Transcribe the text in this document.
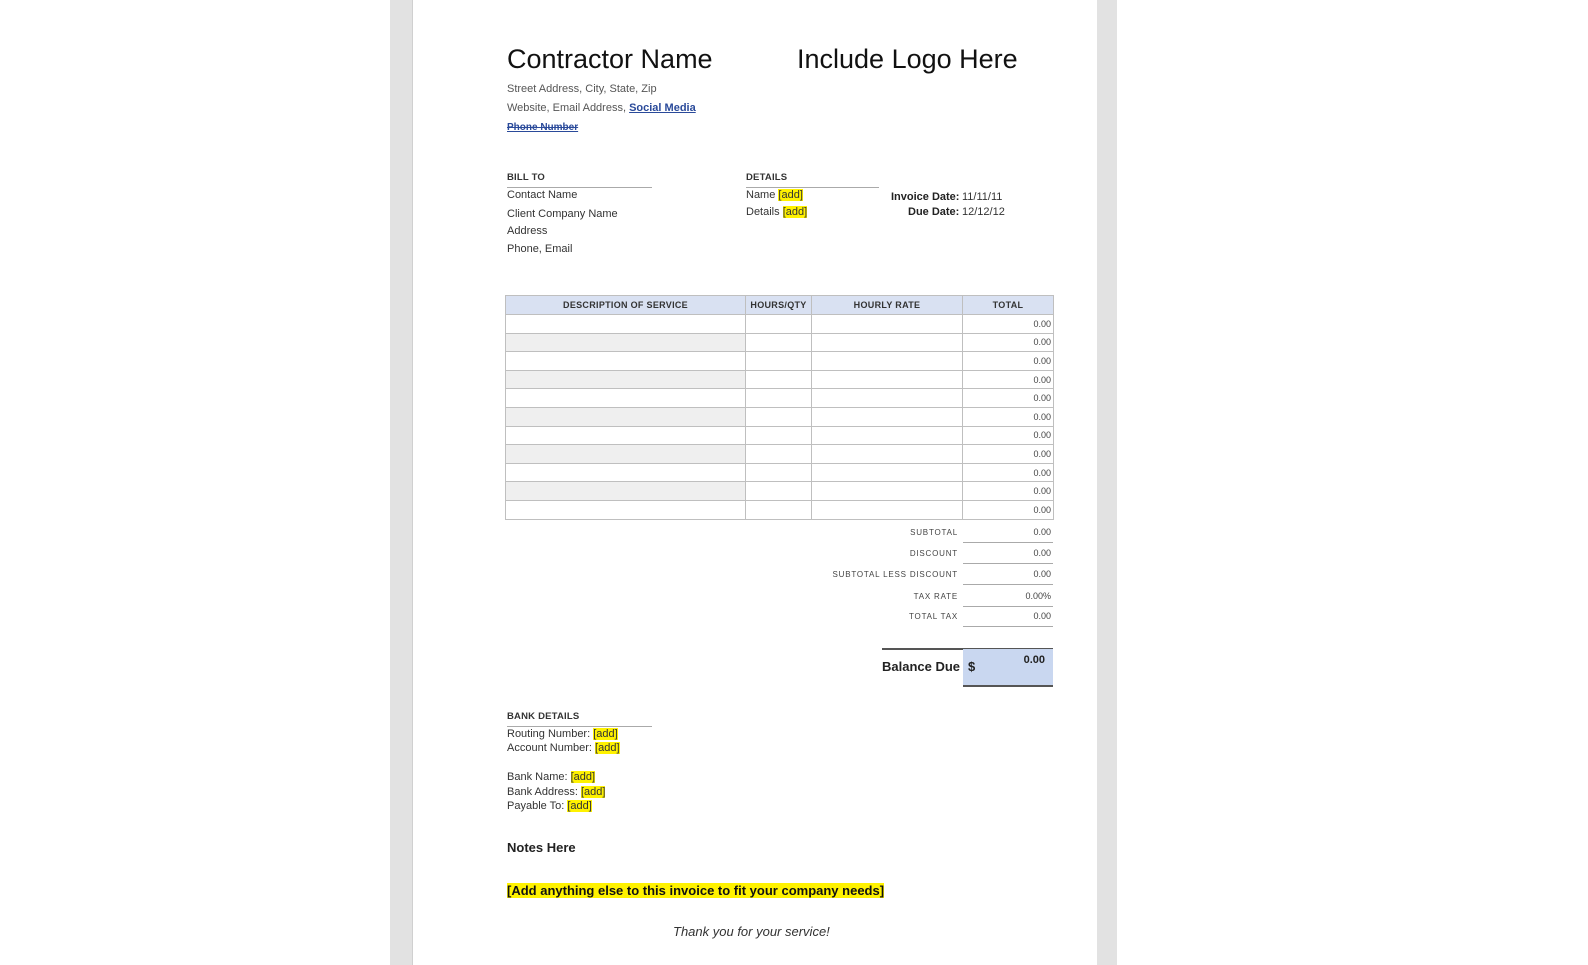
Contractor Name	Include Logo Here
Street Address, City, State, Zip
Website, Email Address, Social Media
Phone Number
BILL TO
Contact Name
Client Company Name
Address
Phone, Email
DETAILS
Name [add]
Details [add]
Invoice Date: 11/11/11
Due Date: 12/12/12
DESCRIPTION OF SERVICE	HOURS/QTY	HOURLY RATE	TOTAL
			0.00
			0.00
			0.00
			0.00
			0.00
			0.00
			0.00
			0.00
			0.00
			0.00
			0.00
SUBTOTAL	0.00
DISCOUNT	0.00
SUBTOTAL LESS DISCOUNT	0.00
TAX RATE	0.00%
TOTAL TAX	0.00
Balance Due $	0.00
BANK DETAILS
Routing Number: [add]
Account Number: [add]
Bank Name: [add]
Bank Address: [add]
Payable To: [add]
Notes Here
[Add anything else to this invoice to fit your company needs]
Thank you for your service!
